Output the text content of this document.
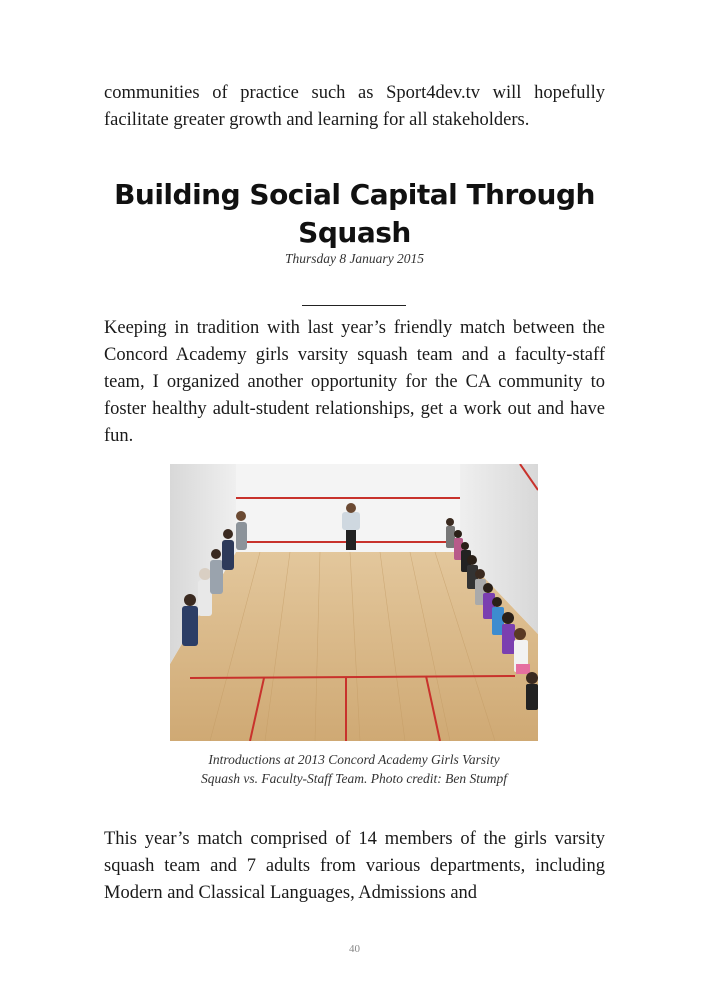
communities of practice such as Sport4dev.tv will hopefully facilitate greater growth and learning for all stakeholders.

Building Social Capital Through Squash
Thursday 8 January 2015

Keeping in tradition with last year’s friendly match between the Concord Academy girls varsity squash team and a faculty-staff team, I organized another opportunity for the CA community to foster healthy adult-student relationships, get a work out and have fun.

Introductions at 2013 Concord Academy Girls Varsity
Squash vs. Faculty-Staff Team. Photo credit: Ben Stumpf

This year’s match comprised of 14 members of the girls varsity squash team and 7 adults from various departments, including Modern and Classical Languages, Admissions and

40
